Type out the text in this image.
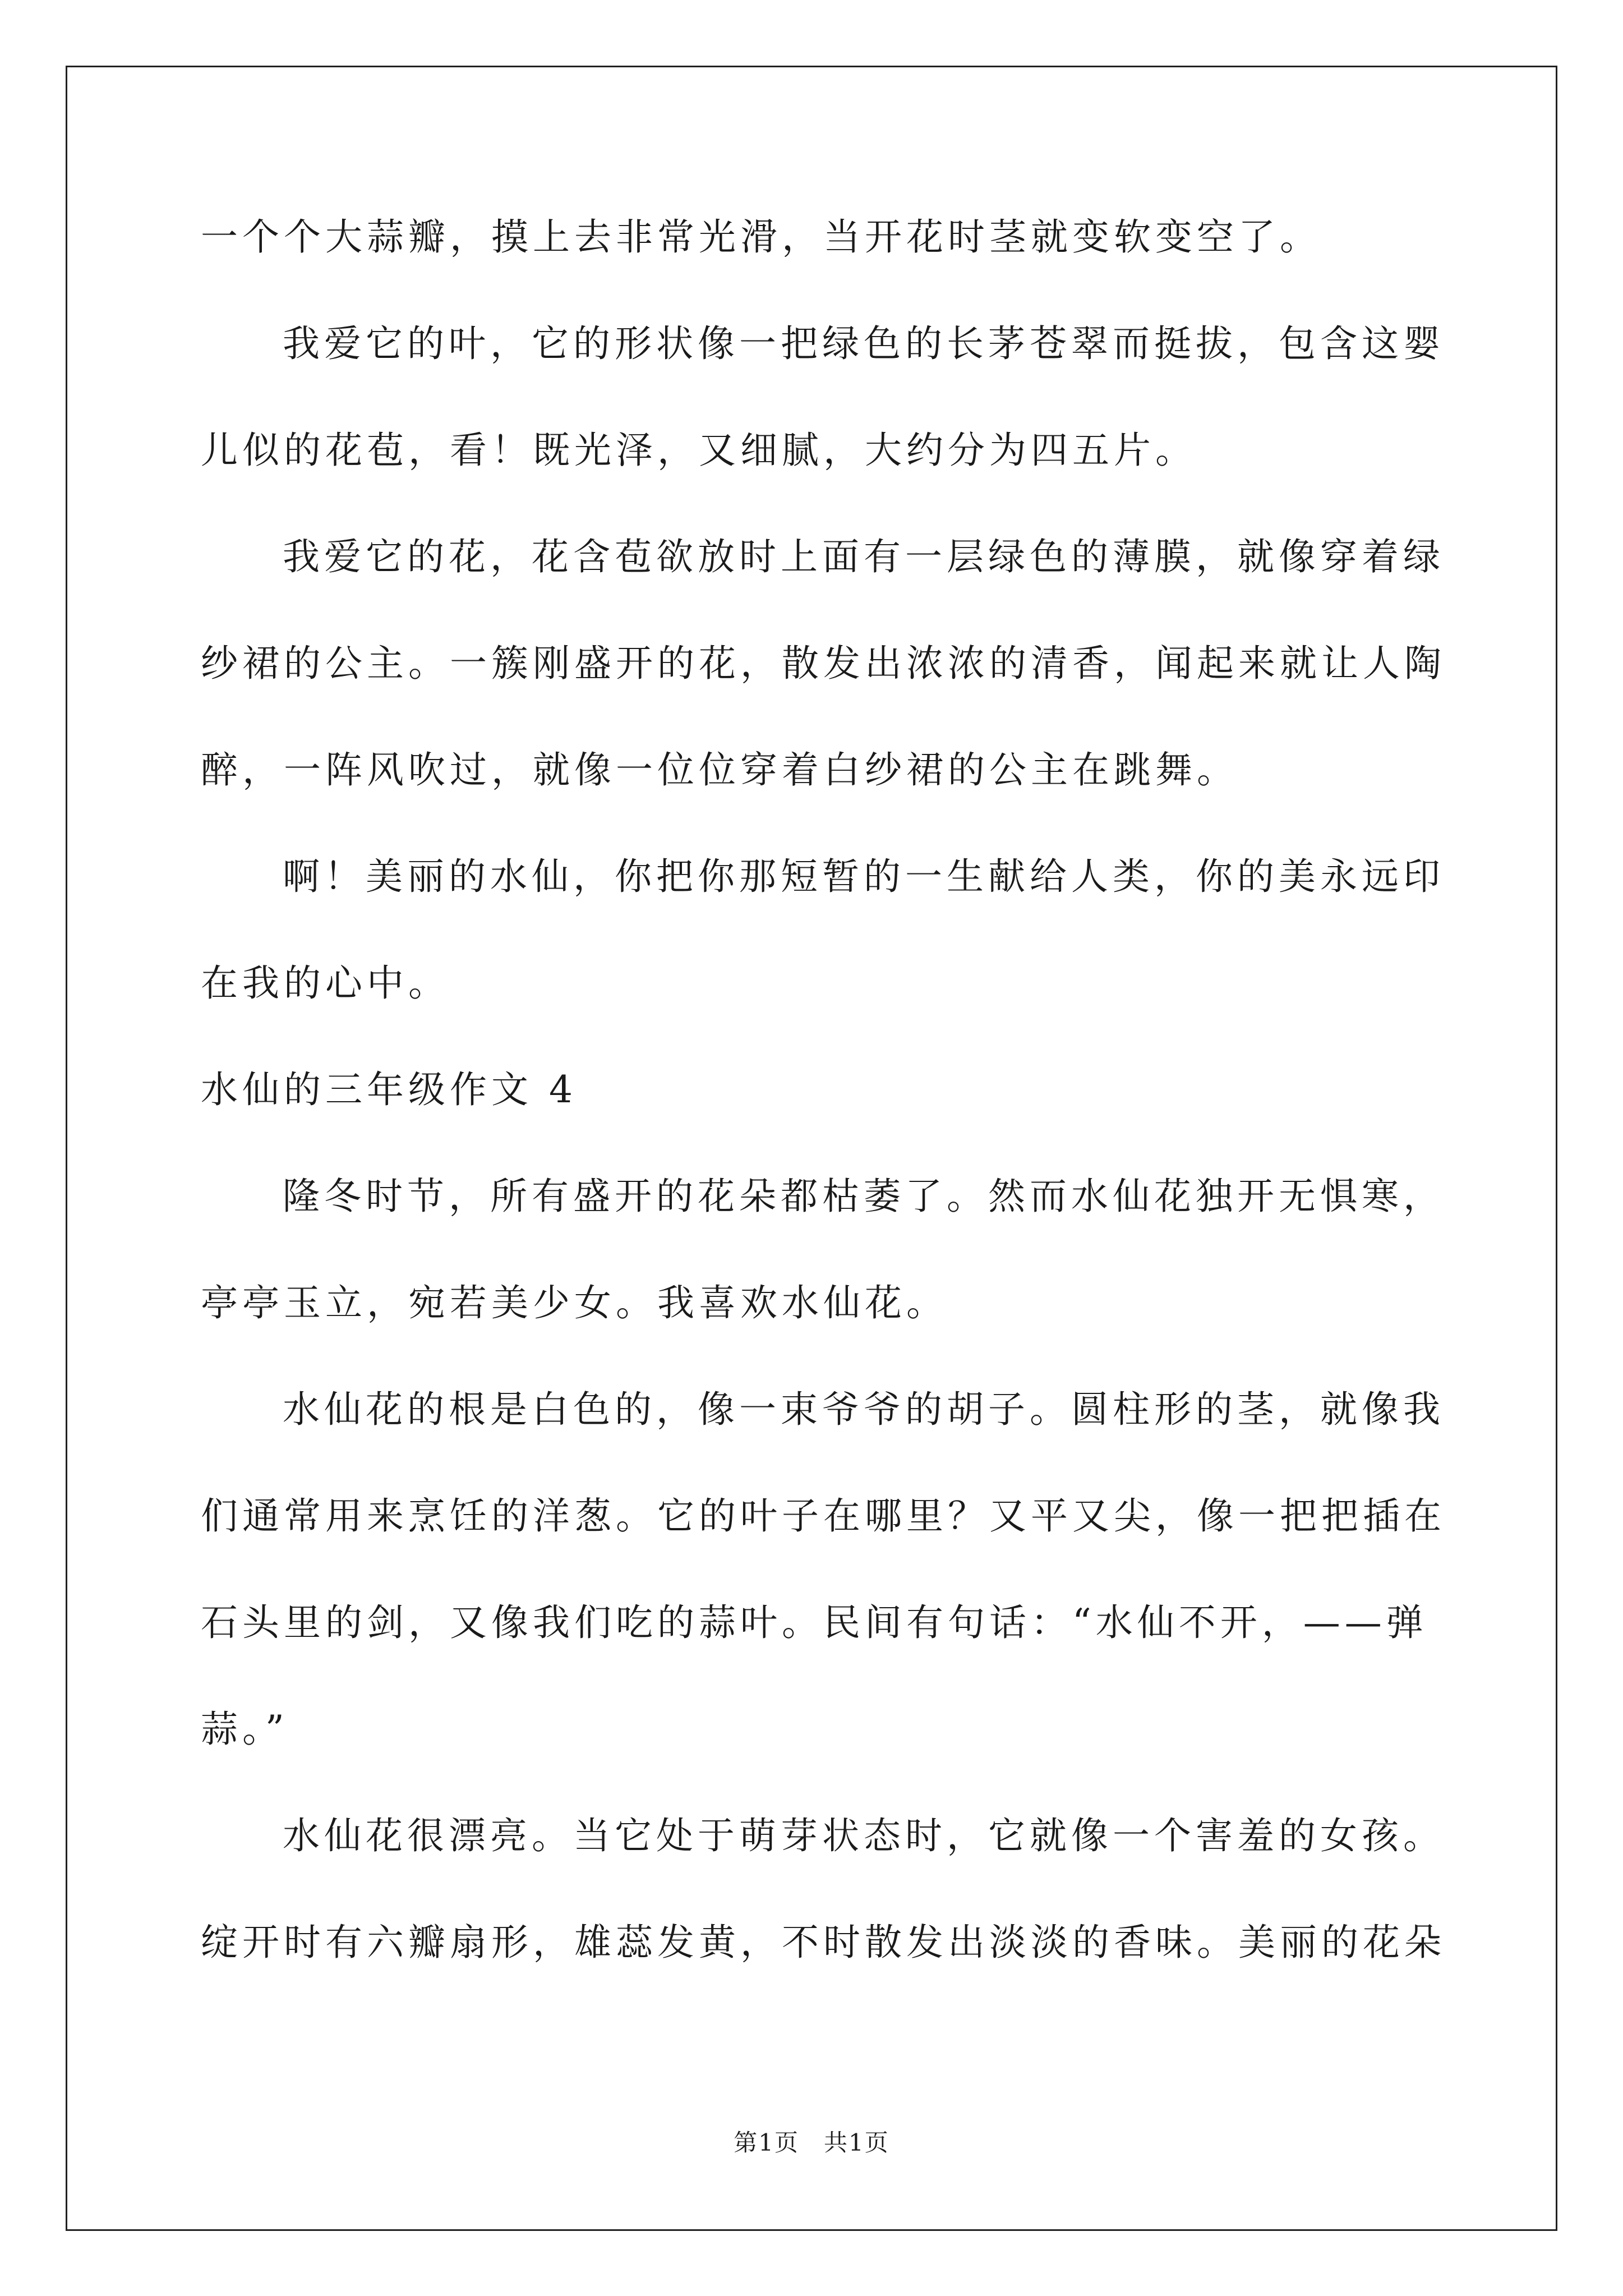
一个个大蒜瓣，摸上去非常光滑，当开花时茎就变软变空了。
我爱它的叶，它的形状像一把绿色的长茅苍翠而挺拔，包含这婴
儿似的花苞，看！既光泽，又细腻，大约分为四五片。
我爱它的花，花含苞欲放时上面有一层绿色的薄膜，就像穿着绿
纱裙的公主。一簇刚盛开的花，散发出浓浓的清香，闻起来就让人陶
醉，一阵风吹过，就像一位位穿着白纱裙的公主在跳舞。
啊！美丽的水仙，你把你那短暂的一生献给人类，你的美永远印
在我的心中。
水仙的三年级作文 4
隆冬时节，所有盛开的花朵都枯萎了。然而水仙花独开无惧寒，
亭亭玉立，宛若美少女。我喜欢水仙花。
水仙花的根是白色的，像一束爷爷的胡子。圆柱形的茎，就像我
们通常用来烹饪的洋葱。它的叶子在哪里？又平又尖，像一把把插在
石头里的剑，又像我们吃的蒜叶。民间有句话：“水仙不开，——弹
蒜。”
水仙花很漂亮。当它处于萌芽状态时，它就像一个害羞的女孩。
绽开时有六瓣扇形，雄蕊发黄，不时散发出淡淡的香味。美丽的花朵
第1页　共1页
